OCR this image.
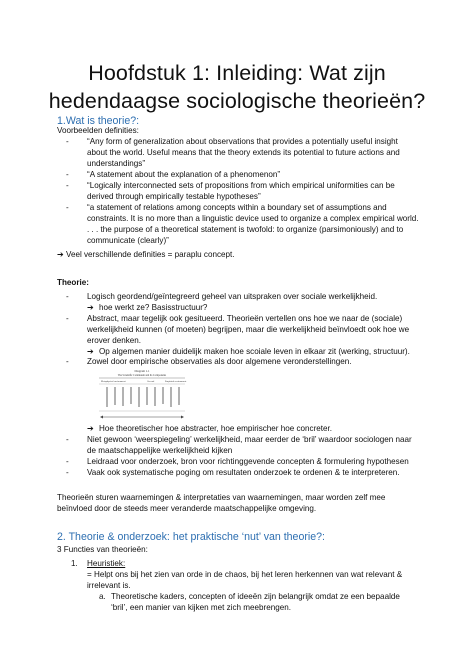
Hoofdstuk 1: Inleiding: Wat zijn
hedendaagse sociologische theorieën?
1.Wat is theorie?:
Voorbeelden definities:
- “Any form of generalization about observations that provides a potentially useful insight
about the world. Useful means that the theory extends its potential to future actions and
understandings”
- “A statement about the explanation of a phenomenon”
- “Logically interconnected sets of propositions from which empirical uniformities can be
derived through empirically testable hypotheses”
- “a statement of relations among concepts within a boundary set of assumptions and
constraints. It is no more than a linguistic device used to organize a complex empirical world.
. . . the purpose of a theoretical statement is twofold: to organize (parsimoniously) and to
communicate (clearly)”
➔ Veel verschillende definities = paraplu concept.
Theorie:
- Logisch geordend/geïntegreerd geheel van uitspraken over sociale werkelijkheid.
➔ hoe werkt ze? Basisstructuur?
- Abstract, maar tegelijk ook gesitueerd. Theorieën vertellen ons hoe we naar de (sociale)
werkelijkheid kunnen (of moeten) begrijpen, maar die werkelijkheid beïnvloedt ook hoe we
erover denken.
➔ Op algemen manier duidelijk maken hoe scoiale leven in elkaar zit (werking, structuur).
- Zowel door empirische observaties als door algemene veronderstellingen.
Diagram 1.1
The Scientific Continuum and Its Components
Metaphysical environment	General	Empirical environment
➔ Hoe theoretischer hoe abstracter, hoe empirischer hoe concreter.
- Niet gewoon ‘weerspiegeling’ werkelijkheid, maar eerder de ‘bril’ waardoor sociologen naar
de maatschappelijke werkelijkheid kijken
- Leidraad voor onderzoek, bron voor richtinggevende concepten & formulering hypothesen
- Vaak ook systematische poging om resultaten onderzoek te ordenen & te interpreteren.
Theorieën sturen waarnemingen & interpretaties van waarnemingen, maar worden zelf mee
beïnvloed door de steeds meer veranderde maatschappelijke omgeving.
2. Theorie & onderzoek: het praktische ‘nut’ van theorie?:
3 Functies van theorieën:
1. Heuristiek:
= Helpt ons bij het zien van orde in de chaos, bij het leren herkennen van wat relevant &
irrelevant is.
a. Theoretische kaders, concepten of ideeën zijn belangrijk omdat ze een bepaalde
‘bril’, een manier van kijken met zich meebrengen.
